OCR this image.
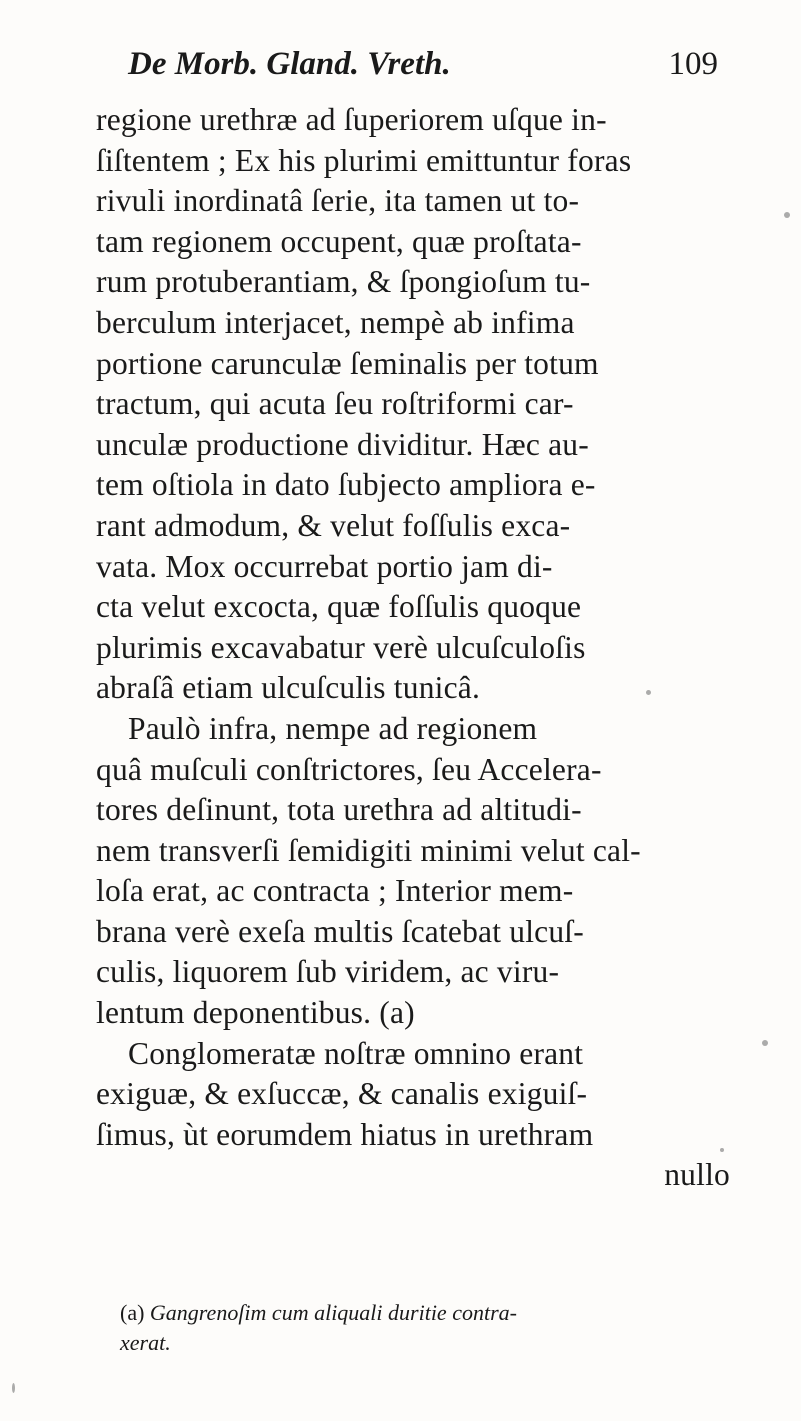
De Morb. Gland. Vreth.	109
regione urethræ ad ſuperiorem uſque in-
ſiſtentem ; Ex his plurimi emittuntur foras
rivuli inordinatâ ſerie, ita tamen ut to-
tam regionem occupent, quæ proſtata-
rum protuberantiam, & ſpongioſum tu-
berculum interjacet, nempè ab infima
portione carunculæ ſeminalis per totum
tractum, qui acuta ſeu roſtriformi car-
unculæ productione dividitur. Hæc au-
tem oſtiola in dato ſubjecto ampliora e-
rant admodum, & velut foſſulis exca-
vata. Mox occurrebat portio jam di-
cta velut excocta, quæ foſſulis quoque
plurimis excavabatur verè ulcuſculoſis
abraſâ etiam ulcuſculis tunicâ.
Paulò infra, nempe ad regionem
quâ muſculi conſtrictores, ſeu Accelera-
tores deſinunt, tota urethra ad altitudi-
nem transverſi ſemidigiti minimi velut cal-
loſa erat, ac contracta ; Interior mem-
brana verè exeſa multis ſcatebat ulcuſ-
culis, liquorem ſub viridem, ac viru-
lentum deponentibus. (a)
Conglomeratæ noſtræ omnino erant
exiguæ, & exſuccæ, & canalis exiguiſ-
ſimus, ùt eorumdem hiatus in urethram
nullo
(a) Gangrenoſim cum aliquali duritie contra-
xerat.
